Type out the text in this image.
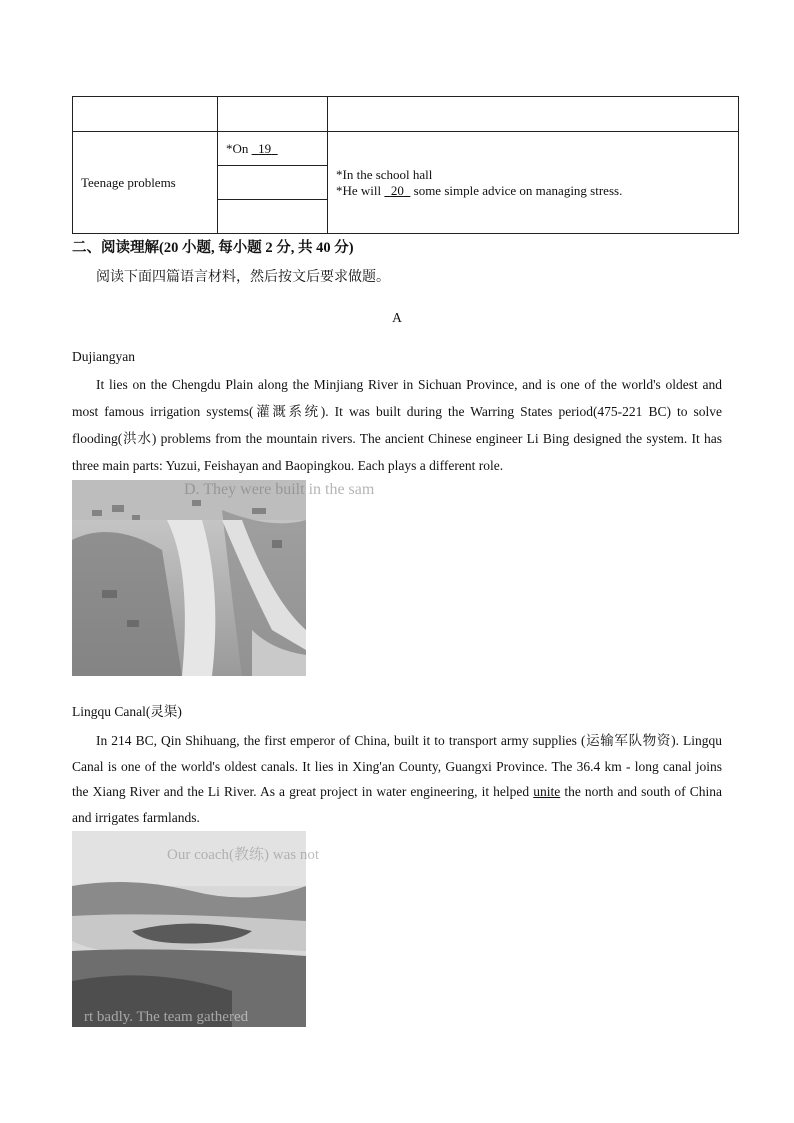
Teenage problems	*On   19	*In the school hall
*He will   20   some simple advice on managing stress.

二、阅读理解(20 小题, 每小题 2 分, 共 40 分)
阅读下面四篇语言材料，然后按文后要求做题。
A
Dujiangyan

It lies on the Chengdu Plain along the Minjiang River in Sichuan Province, and is one of the world's oldest and most famous irrigation systems(灌溉系统). It was built during the Warring States period(475-221 BC) to solve flooding(洪水) problems from the mountain rivers. The ancient Chinese engineer Li Bing designed the system. It has three main parts: Yuzui, Feishayan and Baopingkou. Each plays a different role.

D. They were built in the sam
Lingqu Canal(灵渠)

In 214 BC, Qin Shihuang, the first emperor of China, built it to transport army supplies (运输军队物资). Lingqu Canal is one of the world's oldest canals. It lies in Xing'an County, Guangxi Province. The 36.4 km - long canal joins the Xiang River and the Li River. As a great project in water engineering, it helped unite the north and south of China and irrigates farmlands.

Our coach(教练) was not
rt badly. The team gathered
